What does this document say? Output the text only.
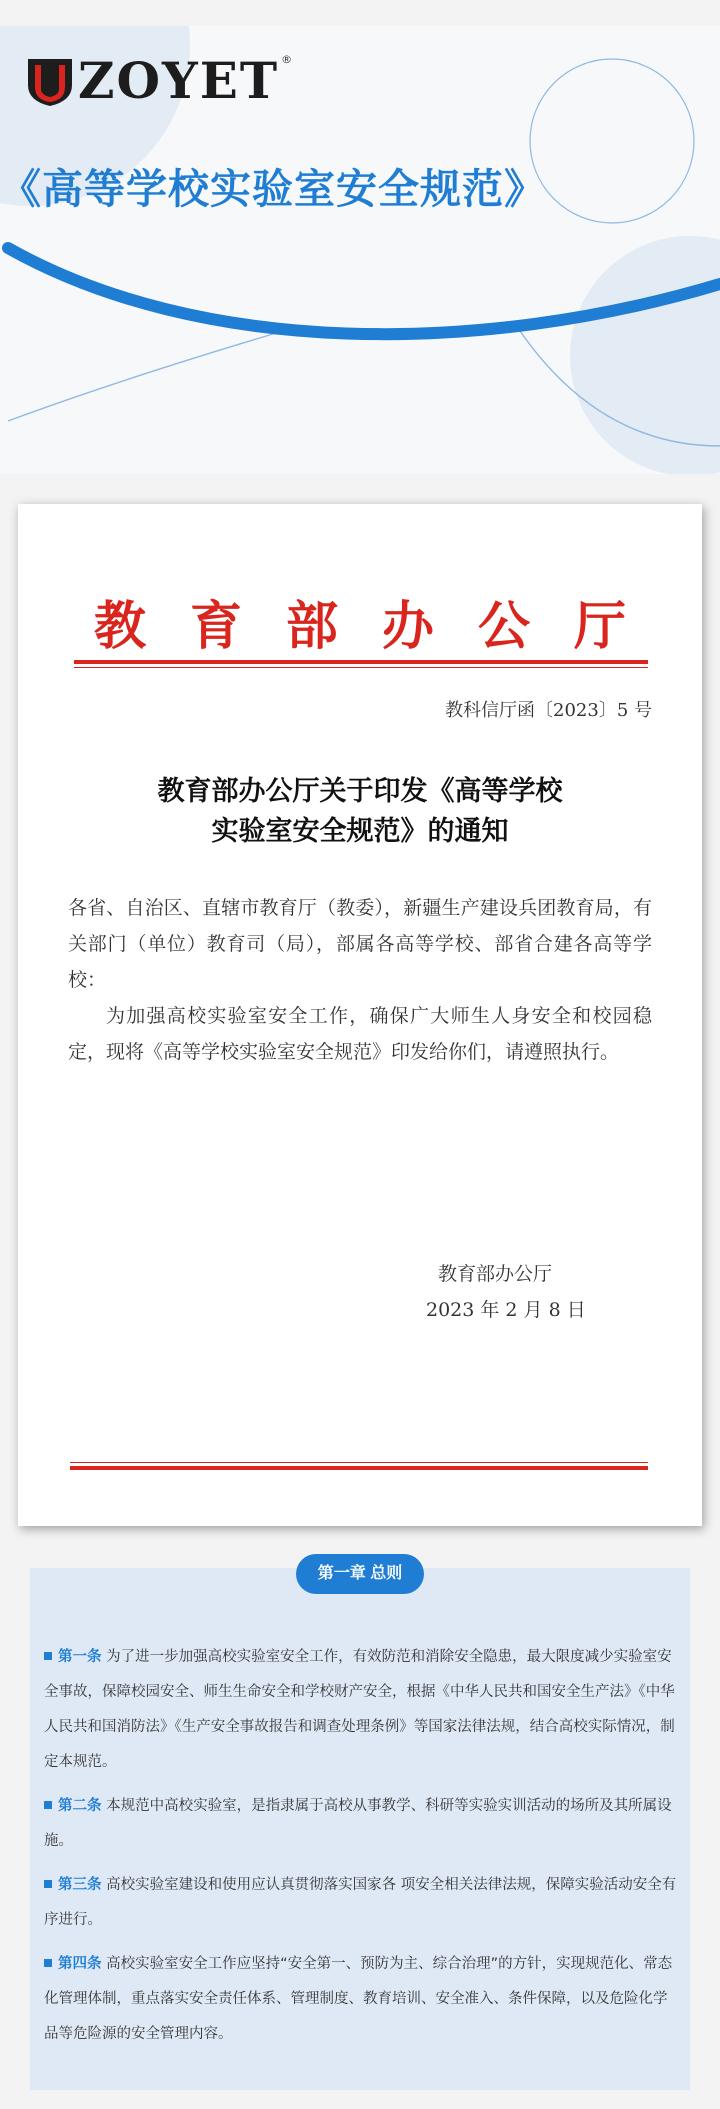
ZOYET ®
《高等学校实验室安全规范》
教育部办公厅
教科信厅函〔2023〕5 号
教育部办公厅关于印发《高等学校
实验室安全规范》的通知

各省、自治区、直辖市教育厅（教委），新疆生产建设兵团教育局，有关部门（单位）教育司（局），部属各高等学校、部省合建各高等学校：

为加强高校实验室安全工作，确保广大师生人身安全和校园稳定，现将《高等学校实验室安全规范》印发给你们，请遵照执行。

教育部办公厅
2023 年 2 月 8 日
第一章 总则

第一条 为了进一步加强高校实验室安全工作，有效防范和消除安全隐患，最大限度减少实验室安全事故，保障校园安全、师生生命安全和学校财产安全，根据《中华人民共和国安全生产法》《中华人民共和国消防法》《生产安全事故报告和调查处理条例》等国家法律法规，结合高校实际情况，制定本规范。

第二条 本规范中高校实验室，是指隶属于高校从事教学、科研等实验实训活动的场所及其所属设施。

第三条 高校实验室建设和使用应认真贯彻落实国家各 项安全相关法律法规，保障实验活动安全有序进行。

第四条 高校实验室安全工作应坚持“安全第一、预防为主、综合治理”的方针，实现规范化、常态化管理体制，重点落实安全责任体系、管理制度、教育培训、安全准入、条件保障，以及危险化学品等危险源的安全管理内容。
